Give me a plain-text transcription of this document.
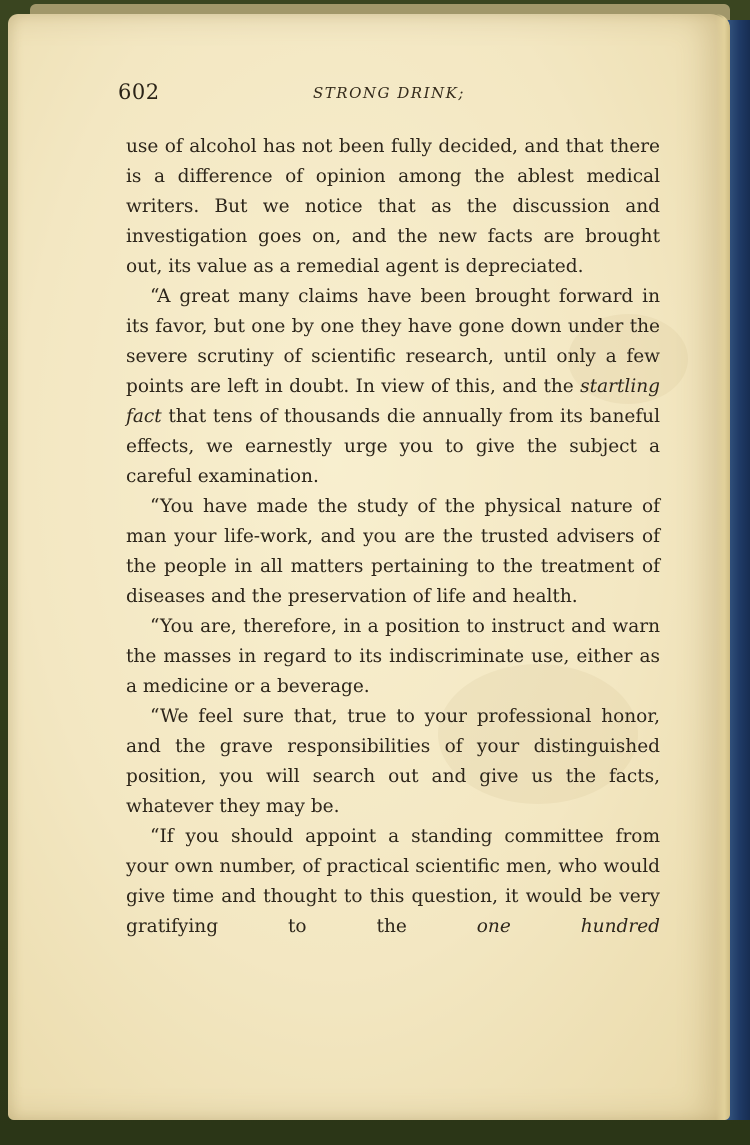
602	STRONG DRINK;

use of alcohol has not been fully decided, and that there is a difference of opinion among the ablest medical writers. But we notice that as the discussion and investigation goes on, and the new facts are brought out, its value as a remedial agent is depreciated.

“A great many claims have been brought forward in its favor, but one by one they have gone down under the severe scrutiny of scientific research, until only a few points are left in doubt. In view of this, and the startling fact that tens of thousands die annually from its baneful effects, we earnestly urge you to give the subject a careful examination.

“You have made the study of the physical nature of man your life-work, and you are the trusted advisers of the people in all matters pertaining to the treatment of diseases and the preservation of life and health.

“You are, therefore, in a position to instruct and warn the masses in regard to its indiscriminate use, either as a medicine or a beverage.

“We feel sure that, true to your professional honor, and the grave responsibilities of your distinguished position, you will search out and give us the facts, whatever they may be.

“If you should appoint a standing committee from your own number, of practical scientific men, who would give time and thought to this question, it would be very gratifying to the one hundred
